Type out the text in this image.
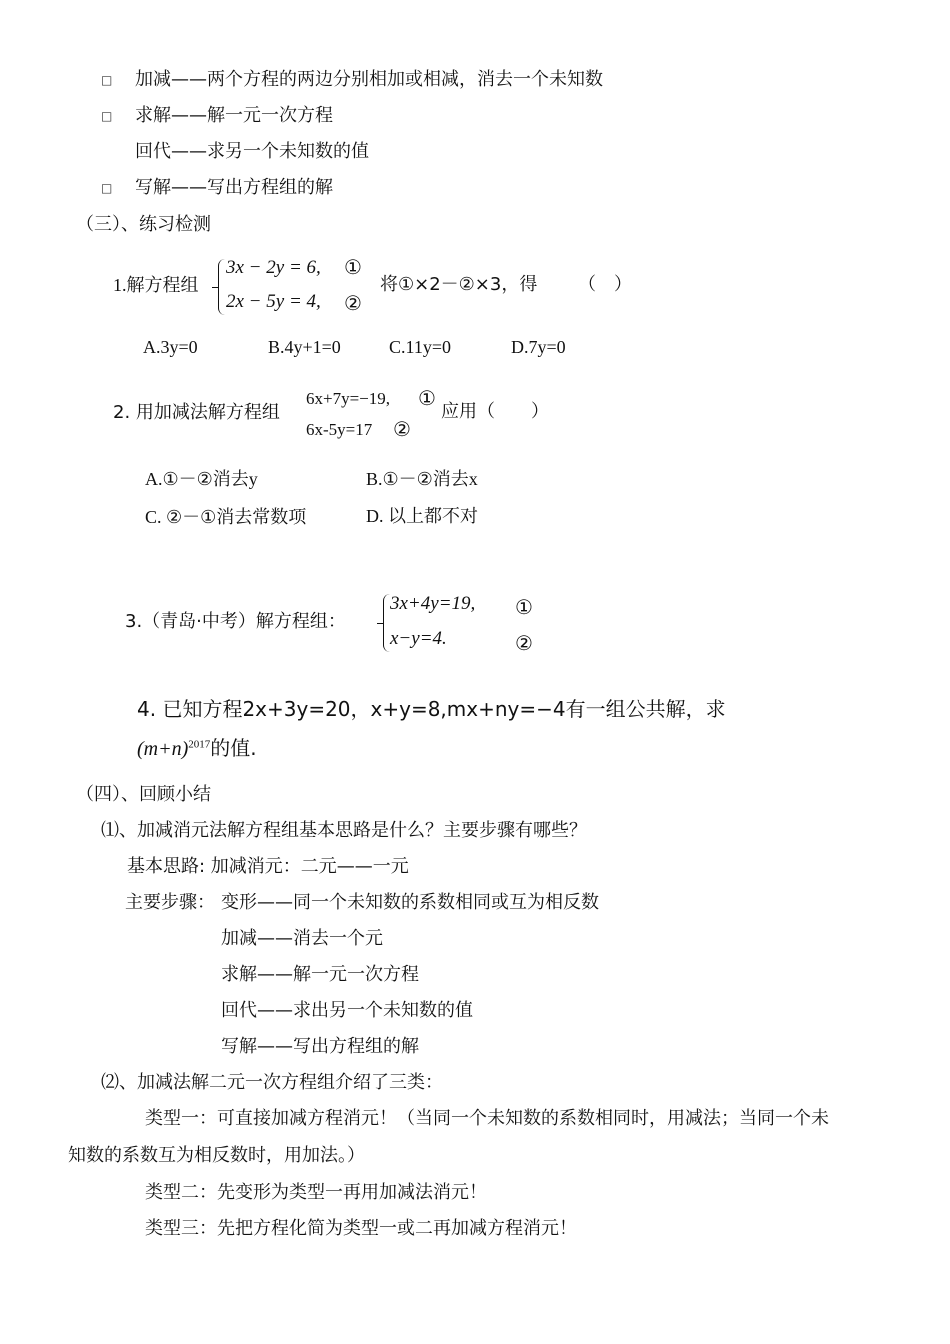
□ 加减——两个方程的两边分别相加或相减，消去一个未知数
□ 求解——解一元一次方程
回代——求另一个未知数的值
□ 写解——写出方程组的解
（三）、练习检测
1.解方程组
3x − 2y = 6, ①
2x − 5y = 4, ②
将①×2－②×3，得 （　）
A.3y=0	B.4y+1=0	C.11y=0	D.7y=0
2. 用加减法解方程组
6x+7y=−19, ①
6x-5y=17 ②
应用（　　）
A.①－②消去y	B.①－②消去x
C. ②－①消去常数项	D. 以上都不对
3.（青岛·中考）解方程组：
3x+4y=19, ①
x−y=4.	②
4. 已知方程2x+3y=20，x+y=8,mx+ny=−4有一组公共解，求
$(m+n)^{2017}$的值.
（四）、回顾小结
⑴、加减消元法解方程组基本思路是什么？主要步骤有哪些？
基本思路: 加减消元：二元——一元
主要步骤： 变形——同一个未知数的系数相同或互为相反数
加减——消去一个元
求解——解一元一次方程
回代——求出另一个未知数的值
写解——写出方程组的解
⑵、加减法解二元一次方程组介绍了三类：
类型一：可直接加减方程消元！（当同一个未知数的系数相同时，用减法；当同一个未
知数的系数互为相反数时，用加法。）
类型二：先变形为类型一再用加减法消元！
类型三：先把方程化简为类型一或二再加减方程消元！
